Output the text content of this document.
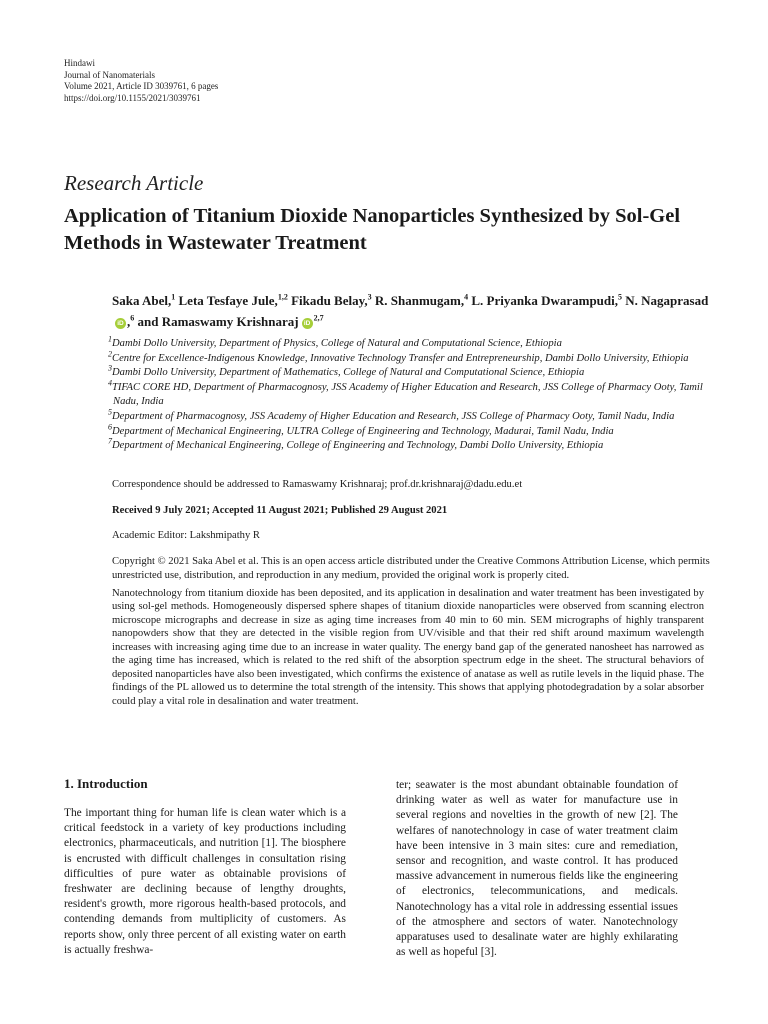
Hindawi
Journal of Nanomaterials
Volume 2021, Article ID 3039761, 6 pages
https://doi.org/10.1155/2021/3039761
Research Article
Application of Titanium Dioxide Nanoparticles Synthesized by Sol-Gel Methods in Wastewater Treatment
Saka Abel,$^1$ Leta Tesfaye Jule,$^{1,2}$ Fikadu Belay,$^3$ R. Shanmugam,$^4$ L. Priyanka Dwarampudi,$^5$ N. NagaprasadiD ,$^6$ and Ramaswamy Krishnaraj iD$^{2,7}$
$^1$Dambi Dollo University, Department of Physics, College of Natural and Computational Science, Ethiopia
$^2$Centre for Excellence-Indigenous Knowledge, Innovative Technology Transfer and Entrepreneurship, Dambi Dollo University, Ethiopia
$^3$Dambi Dollo University, Department of Mathematics, College of Natural and Computational Science, Ethiopia
$^4$TIFAC CORE HD, Department of Pharmacognosy, JSS Academy of Higher Education and Research, JSS College of Pharmacy Ooty, Tamil Nadu, India
$^5$Department of Pharmacognosy, JSS Academy of Higher Education and Research, JSS College of Pharmacy Ooty, Tamil Nadu, India
$^6$Department of Mechanical Engineering, ULTRA College of Engineering and Technology, Madurai, Tamil Nadu, India
$^7$Department of Mechanical Engineering, College of Engineering and Technology, Dambi Dollo University, Ethiopia
Correspondence should be addressed to Ramaswamy Krishnaraj; prof.dr.krishnaraj@dadu.edu.et
Received 9 July 2021; Accepted 11 August 2021; Published 29 August 2021
Academic Editor: Lakshmipathy R
Copyright © 2021 Saka Abel et al. This is an open access article distributed under the Creative Commons Attribution License, which permits unrestricted use, distribution, and reproduction in any medium, provided the original work is properly cited.
Nanotechnology from titanium dioxide has been deposited, and its application in desalination and water treatment has been investigated by using sol-gel methods. Homogeneously dispersed sphere shapes of titanium dioxide nanoparticles were observed from scanning electron microscope micrographs and decrease in size as aging time increases from 40 min to 60 min. SEM micrographs of highly transparent nanopowders show that they are detected in the visible region from UV/visible and that their red shift around maximum wavelength increases with increasing aging time due to an increase in water quality. The energy band gap of the generated nanosheet has narrowed as the aging time has increased, which is related to the red shift of the absorption spectrum edge in the sheet. The structural behaviors of deposited nanoparticles have also been investigated, which confirms the existence of anatase as well as rutile levels in the liquid phase. The findings of the PL allowed us to determine the total strength of the intensity. This shows that applying photodegradation by a solar absorber could play a vital role in desalination and water treatment.
1. Introduction
The important thing for human life is clean water which is a critical feedstock in a variety of key productions including electronics, pharmaceuticals, and nutrition [1]. The biosphere is encrusted with difficult challenges in consultation rising difficulties of pure water as obtainable provisions of freshwater are declining because of lengthy droughts, resident's growth, more rigorous health-based protocols, and contending demands from multiplicity of customers. As reports show, only three percent of all existing water on earth is actually freshwa-
ter; seawater is the most abundant obtainable foundation of drinking water as well as water for manufacture use in several regions and novelties in the growth of new [2]. The welfares of nanotechnology in case of water treatment claim have been intensive in 3 main sites: cure and remediation, sensor and recognition, and waste control. It has produced massive advancement in numerous fields like the engineering of electronics, telecommunications, and medicals. Nanotechnology has a vital role in addressing essential issues of the atmosphere and sectors of water. Nanotechnology apparatuses used to desalinate water are highly exhilarating as well as hopeful [3].
